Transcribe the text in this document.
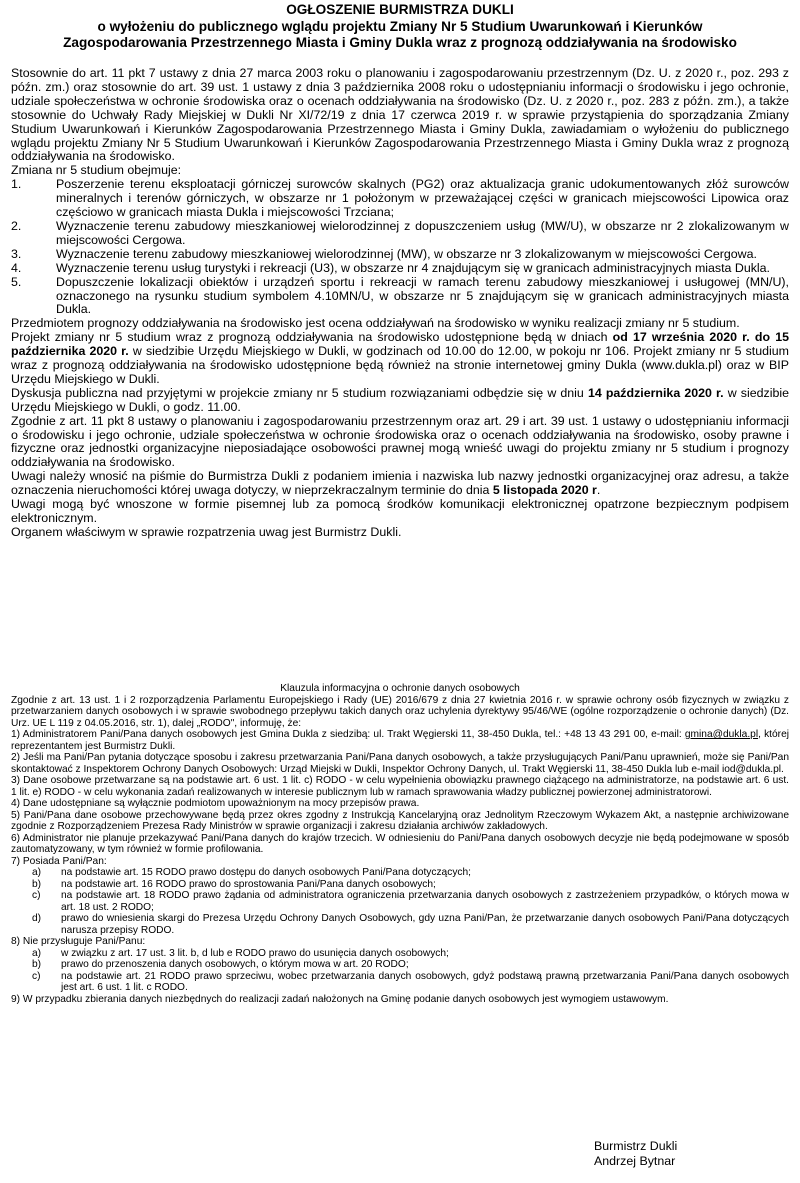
OGŁOSZENIE BURMISTRZA DUKLI

o wyłożeniu do publicznego wglądu projektu Zmiany Nr 5 Studium Uwarunkowań i Kierunków

Zagospodarowania Przestrzennego Miasta i Gminy Dukla wraz z prognozą oddziaływania na środowisko

Stosownie do art. 11 pkt 7 ustawy z dnia 27 marca 2003 roku o planowaniu i zagospodarowaniu przestrzennym (Dz. U. z 2020 r., poz. 293 z późn. zm.) oraz stosownie do art. 39 ust. 1 ustawy z dnia 3 października 2008 roku o udostępnianiu informacji o środowisku i jego ochronie, udziale społeczeństwa w ochronie środowiska oraz o ocenach oddziaływania na środowisko (Dz. U. z 2020 r., poz. 283 z późn. zm.), a także stosownie do Uchwały Rady Miejskiej w Dukli Nr XI/72/19 z dnia 17 czerwca 2019 r. w sprawie przystąpienia do sporządzania Zmiany Studium Uwarunkowań i Kierunków Zagospodarowania Przestrzennego Miasta i Gminy Dukla, zawiadamiam o wyłożeniu do publicznego wglądu projektu Zmiany Nr 5 Studium Uwarunkowań i Kierunków Zagospodarowania Przestrzennego Miasta i Gminy Dukla wraz z prognozą oddziaływania na środowisko.

Zmiana nr 5 studium obejmuje:

1.	Poszerzenie terenu eksploatacji górniczej surowców skalnych (PG2) oraz aktualizacja granic udokumentowanych złóż surowców mineralnych i terenów górniczych, w obszarze nr 1 położonym w przeważającej części w granicach miejscowości Lipowica oraz częściowo w granicach miasta Dukla i miejscowości Trzciana;
2.	Wyznaczenie terenu zabudowy mieszkaniowej wielorodzinnej z dopuszczeniem usług (MW/U), w obszarze nr 2 zlokalizowanym w miejscowości Cergowa.
3.	Wyznaczenie terenu zabudowy mieszkaniowej wielorodzinnej (MW), w obszarze nr 3 zlokalizowanym w miejscowości Cergowa.
4.	Wyznaczenie terenu usług turystyki i rekreacji (U3), w obszarze nr 4 znajdującym się w granicach administracyjnych miasta Dukla.
5.	Dopuszczenie lokalizacji obiektów i urządzeń sportu i rekreacji w ramach terenu zabudowy mieszkaniowej i usługowej (MN/U), oznaczonego na rysunku studium symbolem 4.10MN/U, w obszarze nr 5 znajdującym się w granicach administracyjnych miasta Dukla.

Przedmiotem prognozy oddziaływania na środowisko jest ocena oddziaływań na środowisko w wyniku realizacji zmiany nr 5 studium.

Projekt zmiany nr 5 studium wraz z prognozą oddziaływania na środowisko udostępnione będą w dniach od 17 września 2020 r. do 15 października 2020 r. w siedzibie Urzędu Miejskiego w Dukli, w godzinach od 10.00 do 12.00, w pokoju nr 106. Projekt zmiany nr 5 studium wraz z prognozą oddziaływania na środowisko udostępnione będą również na stronie internetowej gminy Dukla (www.dukla.pl) oraz w BIP Urzędu Miejskiego w Dukli.

Dyskusja publiczna nad przyjętymi w projekcie zmiany nr 5 studium rozwiązaniami odbędzie się w dniu 14 października 2020 r. w siedzibie Urzędu Miejskiego w Dukli, o godz. 11.00.

Zgodnie z art. 11 pkt 8 ustawy o planowaniu i zagospodarowaniu przestrzennym oraz art. 29 i art. 39 ust. 1 ustawy o udostępnianiu informacji o środowisku i jego ochronie, udziale społeczeństwa w ochronie środowiska oraz o ocenach oddziaływania na środowisko, osoby prawne i fizyczne oraz jednostki organizacyjne nieposiadające osobowości prawnej mogą wnieść uwagi do projektu zmiany nr 5 studium i prognozy oddziaływania na środowisko.

Uwagi należy wnosić na piśmie do Burmistrza Dukli z podaniem imienia i nazwiska lub nazwy jednostki organizacyjnej oraz adresu, a także oznaczenia nieruchomości której uwaga dotyczy, w nieprzekraczalnym terminie do dnia 5 listopada 2020 r.

Uwagi mogą być wnoszone w formie pisemnej lub za pomocą środków komunikacji elektronicznej opatrzone bezpiecznym podpisem elektronicznym.

Organem właściwym w sprawie rozpatrzenia uwag jest Burmistrz Dukli.

Klauzula informacyjna o ochronie danych osobowych

Zgodnie z art. 13 ust. 1 i 2 rozporządzenia Parlamentu Europejskiego i Rady (UE) 2016/679 z dnia 27 kwietnia 2016 r. w sprawie ochrony osób fizycznych w związku z przetwarzaniem danych osobowych i w sprawie swobodnego przepływu takich danych oraz uchylenia dyrektywy 95/46/WE (ogólne rozporządzenie o ochronie danych) (Dz. Urz. UE L 119 z 04.05.2016, str. 1), dalej „RODO", informuję, że:

1) Administratorem Pani/Pana danych osobowych jest Gmina Dukla z siedzibą: ul. Trakt Węgierski 11, 38-450 Dukla, tel.: +48 13 43 291 00, e-mail: gmina@dukla.pl, której reprezentantem jest Burmistrz Dukli.

2) Jeśli ma Pani/Pan pytania dotyczące sposobu i zakresu przetwarzania Pani/Pana danych osobowych, a także przysługujących Pani/Panu uprawnień, może się Pani/Pan skontaktować z Inspektorem Ochrony Danych Osobowych: Urząd Miejski w Dukli, Inspektor Ochrony Danych, ul. Trakt Węgierski 11, 38-450 Dukla lub e-mail iod@dukla.pl.

3) Dane osobowe przetwarzane są na podstawie art. 6 ust. 1 lit. c) RODO - w celu wypełnienia obowiązku prawnego ciążącego na administratorze, na podstawie art. 6 ust. 1 lit. e) RODO - w celu wykonania zadań realizowanych w interesie publicznym lub w ramach sprawowania władzy publicznej powierzonej administratorowi.

4) Dane udostępniane są wyłącznie podmiotom upoważnionym na mocy przepisów prawa.

5) Pani/Pana dane osobowe przechowywane będą przez okres zgodny z Instrukcją Kancelaryjną oraz Jednolitym Rzeczowym Wykazem Akt, a następnie archiwizowane zgodnie z Rozporządzeniem Prezesa Rady Ministrów w sprawie organizacji i zakresu działania archiwów zakładowych.

6) Administrator nie planuje przekazywać Pani/Pana danych do krajów trzecich. W odniesieniu do Pani/Pana danych osobowych decyzje nie będą podejmowane w sposób zautomatyzowany, w tym również w formie profilowania.

7) Posiada Pani/Pan:

a) na podstawie art. 15 RODO prawo dostępu do danych osobowych Pani/Pana dotyczących;
b) na podstawie art. 16 RODO prawo do sprostowania Pani/Pana danych osobowych;
c) na podstawie art. 18 RODO prawo żądania od administratora ograniczenia przetwarzania danych osobowych z zastrzeżeniem przypadków, o których mowa w art. 18 ust. 2 RODO;
d) prawo do wniesienia skargi do Prezesa Urzędu Ochrony Danych Osobowych, gdy uzna Pani/Pan, że przetwarzanie danych osobowych Pani/Pana dotyczących narusza przepisy RODO.

8) Nie przysługuje Pani/Panu:

a) w związku z art. 17 ust. 3 lit. b, d lub e RODO prawo do usunięcia danych osobowych;
b) prawo do przenoszenia danych osobowych, o którym mowa w art. 20 RODO;
c) na podstawie art. 21 RODO prawo sprzeciwu, wobec przetwarzania danych osobowych, gdyż podstawą prawną przetwarzania Pani/Pana danych osobowych jest art. 6 ust. 1 lit. c RODO.

9) W przypadku zbierania danych niezbędnych do realizacji zadań nałożonych na Gminę podanie danych osobowych jest wymogiem ustawowym.

Burmistrz Dukli
Andrzej Bytnar
